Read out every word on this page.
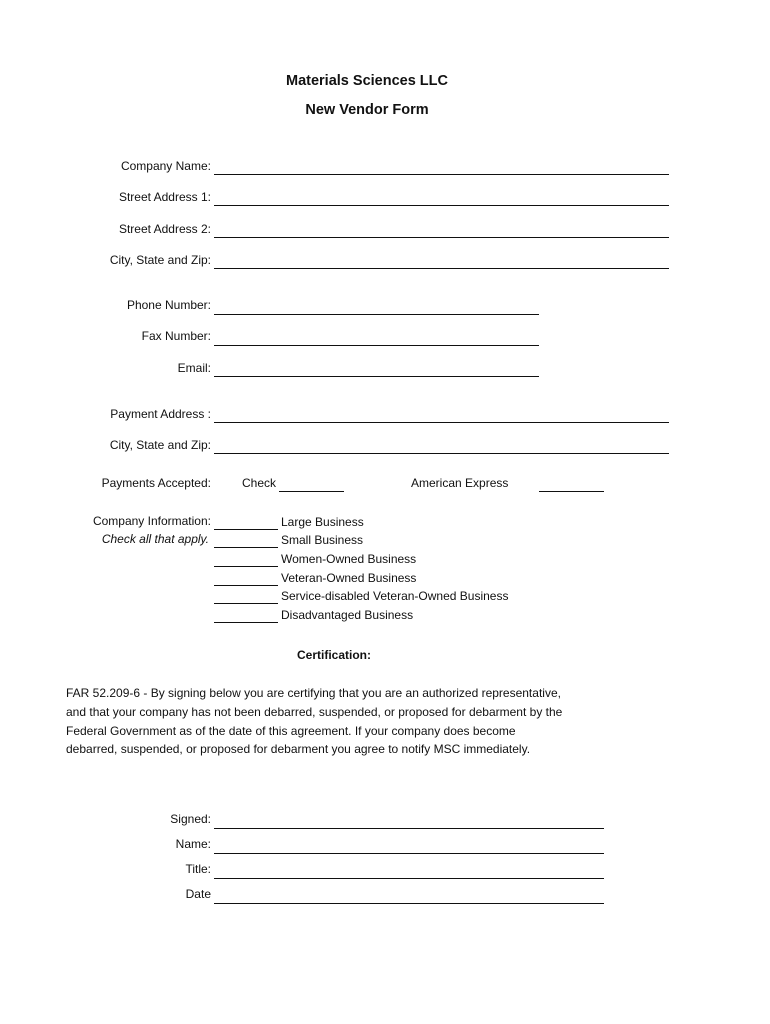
Materials Sciences LLC
New Vendor Form
Company Name:
Street Address 1:
Street Address 2:
City, State and Zip:
Phone Number:
Fax Number:
Email:
Payment Address :
City, State and Zip:
Payments Accepted:	Check	American Express
Company Information:
Check all that apply.
Large Business
Small Business
Women-Owned Business
Veteran-Owned Business
Service-disabled Veteran-Owned Business
Disadvantaged Business
Certification:

FAR 52.209-6 - By signing below you are certifying that you are an authorized representative,

and that your company has not been debarred, suspended, or proposed for debarment by the

Federal Government as of the date of this agreement. If your company does become

debarred, suspended, or proposed for debarment you agree to notify MSC immediately.

Signed:
Name:
Title:
Date
